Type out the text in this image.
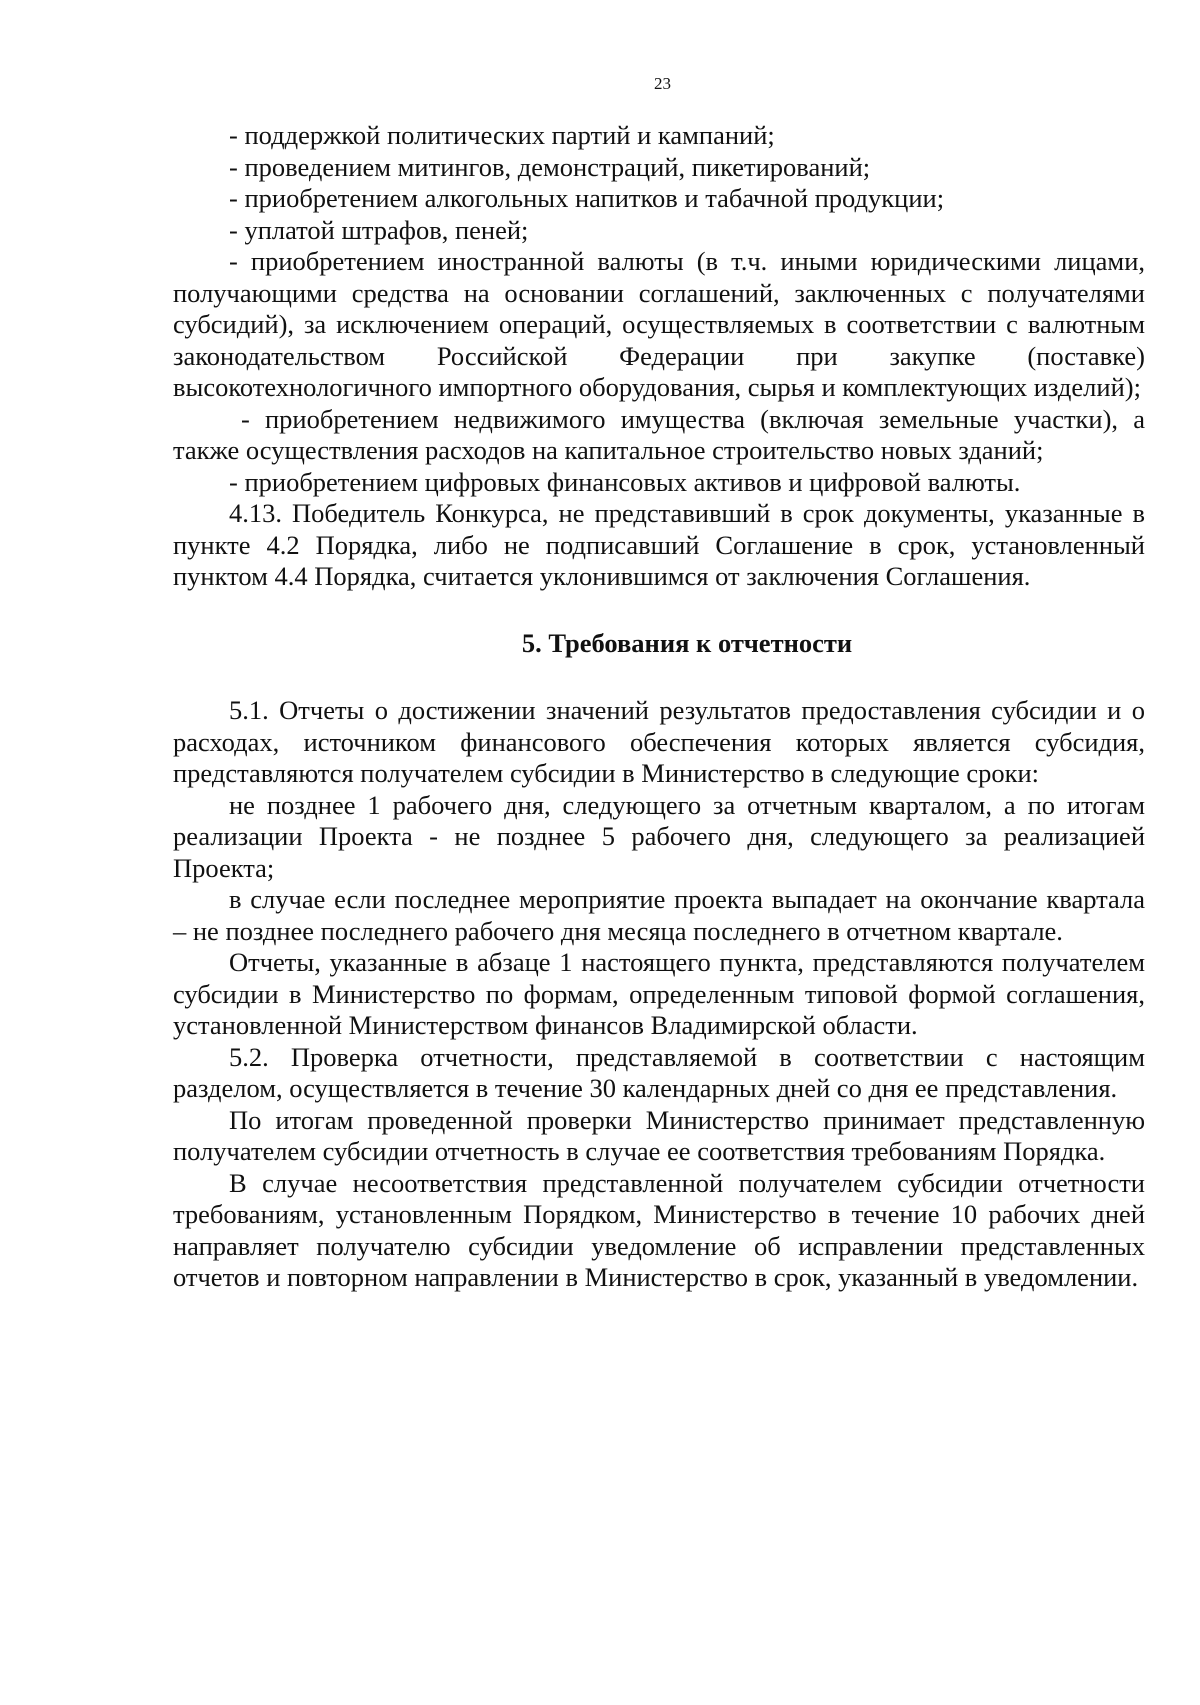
23

- поддержкой политических партий и кампаний;

- проведением митингов, демонстраций, пикетирований;

- приобретением алкогольных напитков и табачной продукции;

- уплатой штрафов, пеней;

- приобретением иностранной валюты (в т.ч. иными юридическими лицами, получающими средства на основании соглашений, заключенных с получателями субсидий), за исключением операций, осуществляемых в соответствии с валютным законодательством Российской Федерации при закупке (поставке) высокотехнологичного импортного оборудования, сырья и комплектующих изделий);

- приобретением недвижимого имущества (включая земельные участки), а также осуществления расходов на капитальное строительство новых зданий;

- приобретением цифровых финансовых активов и цифровой валюты.

4.13. Победитель Конкурса, не представивший в срок документы, указанные в пункте 4.2 Порядка, либо не подписавший Соглашение в срок, установленный пунктом 4.4 Порядка, считается уклонившимся от заключения Соглашения.

5. Требования к отчетности

5.1. Отчеты о достижении значений результатов предоставления субсидии и о расходах, источником финансового обеспечения которых является субсидия, представляются получателем субсидии в Министерство в следующие сроки:

не позднее 1 рабочего дня, следующего за отчетным кварталом, а по итогам реализации Проекта - не позднее 5 рабочего дня, следующего за реализацией Проекта;

в случае если последнее мероприятие проекта выпадает на окончание квартала – не позднее последнего рабочего дня месяца последнего в отчетном квартале.

Отчеты, указанные в абзаце 1 настоящего пункта, представляются получателем субсидии в Министерство по формам, определенным типовой формой соглашения, установленной Министерством финансов Владимирской области.

5.2. Проверка отчетности, представляемой в соответствии с настоящим разделом, осуществляется в течение 30 календарных дней со дня ее представления.

По итогам проведенной проверки Министерство принимает представленную получателем субсидии отчетность в случае ее соответствия требованиям Порядка.

В случае несоответствия представленной получателем субсидии отчетности требованиям, установленным Порядком, Министерство в течение 10 рабочих дней направляет получателю субсидии уведомление об исправлении представленных отчетов и повторном направлении в Министерство в срок, указанный в уведомлении.
